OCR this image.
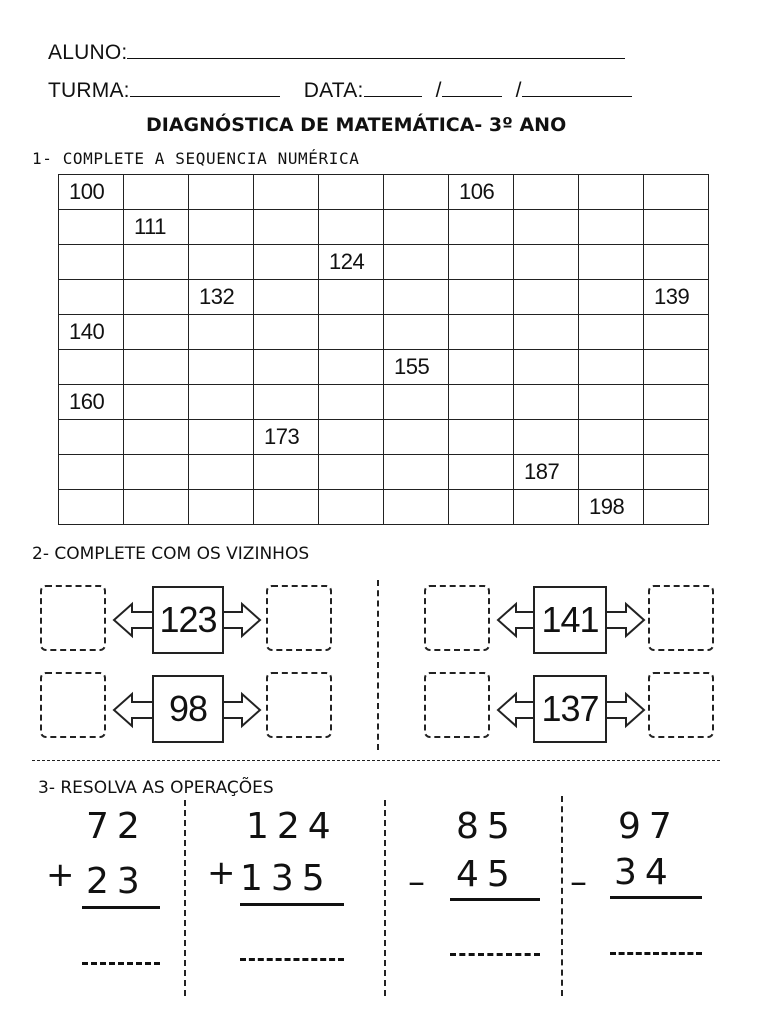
ALUNO:
TURMA:	DATA:	/	/
DIAGNÓSTICA DE MATEMÁTICA- 3º ANO
1- COMPLETE A SEQUENCIA NUMÉRICA
100						106			

	111								

				124					

		132							139

140									

					155				

160									

			173						

							187		

								198	

2- COMPLETE COM OS VIZINHOS
123	141
98	137
3- RESOLVA AS OPERAÇÕES
72
+ 23
124
+ 135
85
– 45
97
– 34
